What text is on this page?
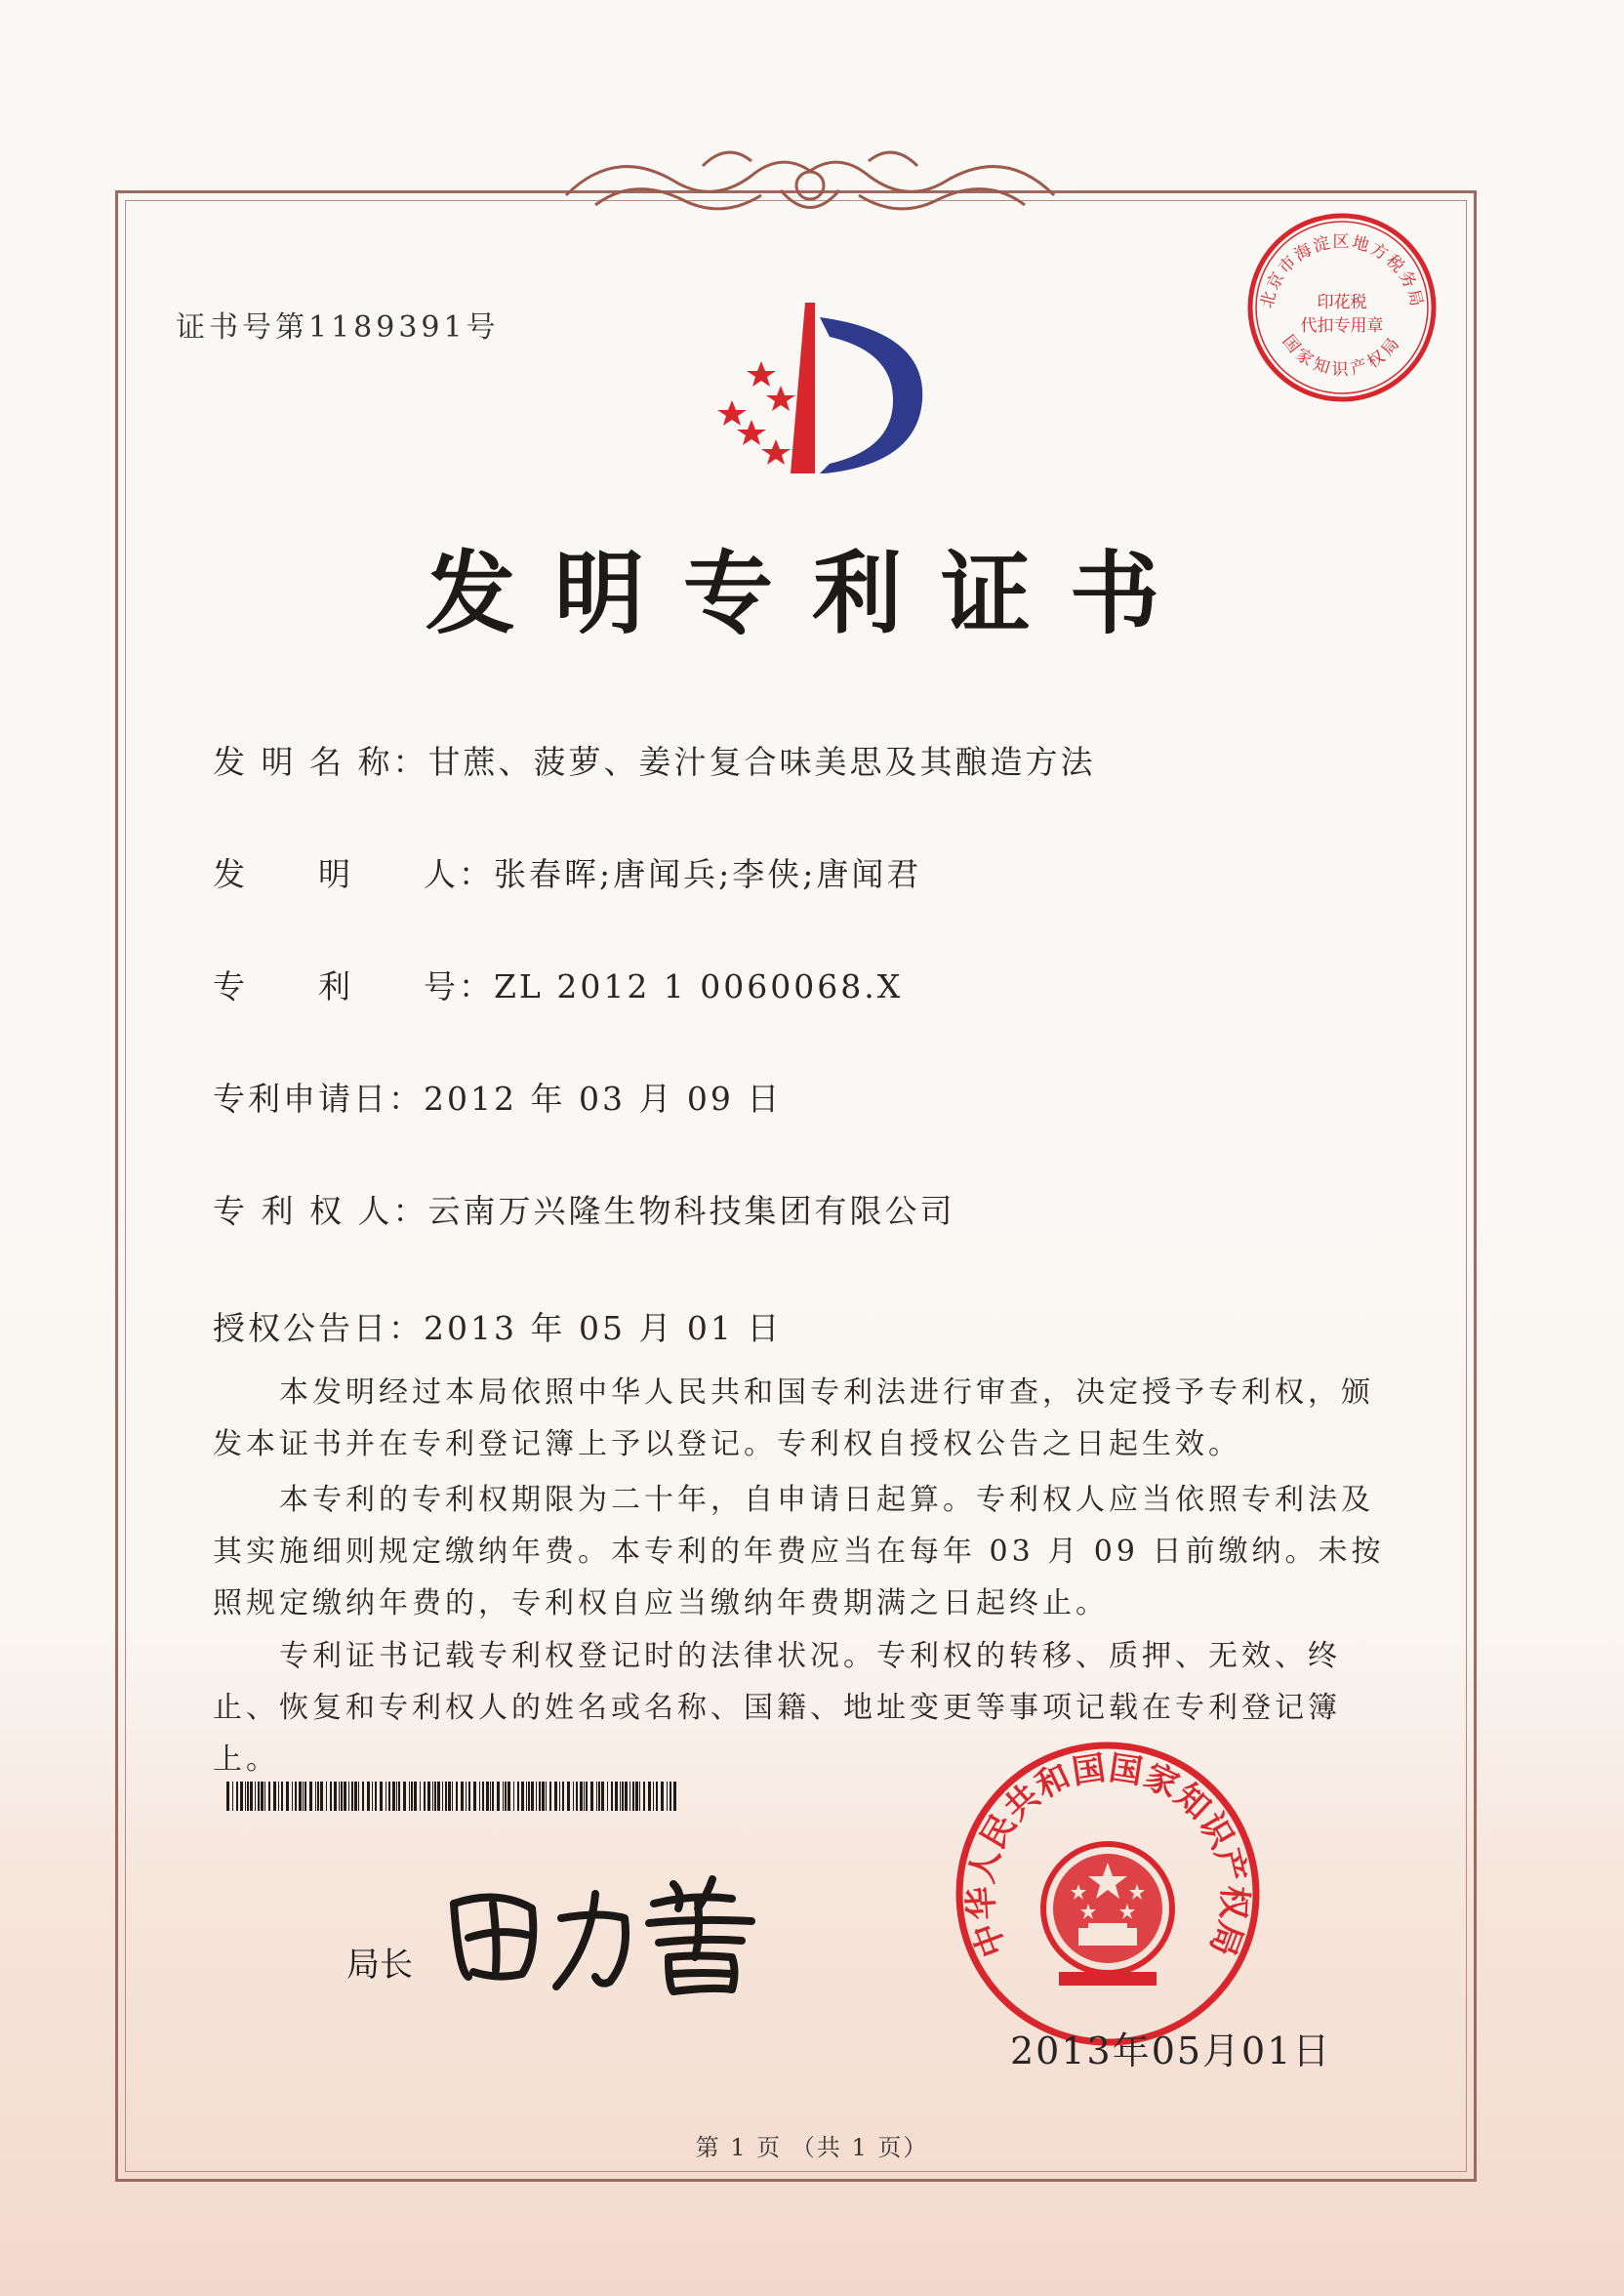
证书号第1189391号
北京市海淀区地方税务局
国家知识产权局
印花税
代扣专用章
发明专利证书
发 明 名 称：甘蔗、菠萝、姜汁复合味美思及其酿造方法
发　　明　　人：张春晖;唐闻兵;李侠;唐闻君
专　　利　　号：ZL 2012 1 0060068.X
专利申请日：2012 年 03 月 09 日
专 利 权 人：云南万兴隆生物科技集团有限公司
授权公告日：2013 年 05 月 01 日
本发明经过本局依照中华人民共和国专利法进行审查，决定授予专利权，颁发本证书并在专利登记簿上予以登记。专利权自授权公告之日起生效。
本专利的专利权期限为二十年，自申请日起算。专利权人应当依照专利法及其实施细则规定缴纳年费。本专利的年费应当在每年 03 月 09 日前缴纳。未按照规定缴纳年费的，专利权自应当缴纳年费期满之日起终止。
专利证书记载专利权登记时的法律状况。专利权的转移、质押、无效、终止、恢复和专利权人的姓名或名称、国籍、地址变更等事项记载在专利登记簿上。
局长
中华人民共和国国家知识产权局
2013年05月01日
第 1 页 （共 1 页）
